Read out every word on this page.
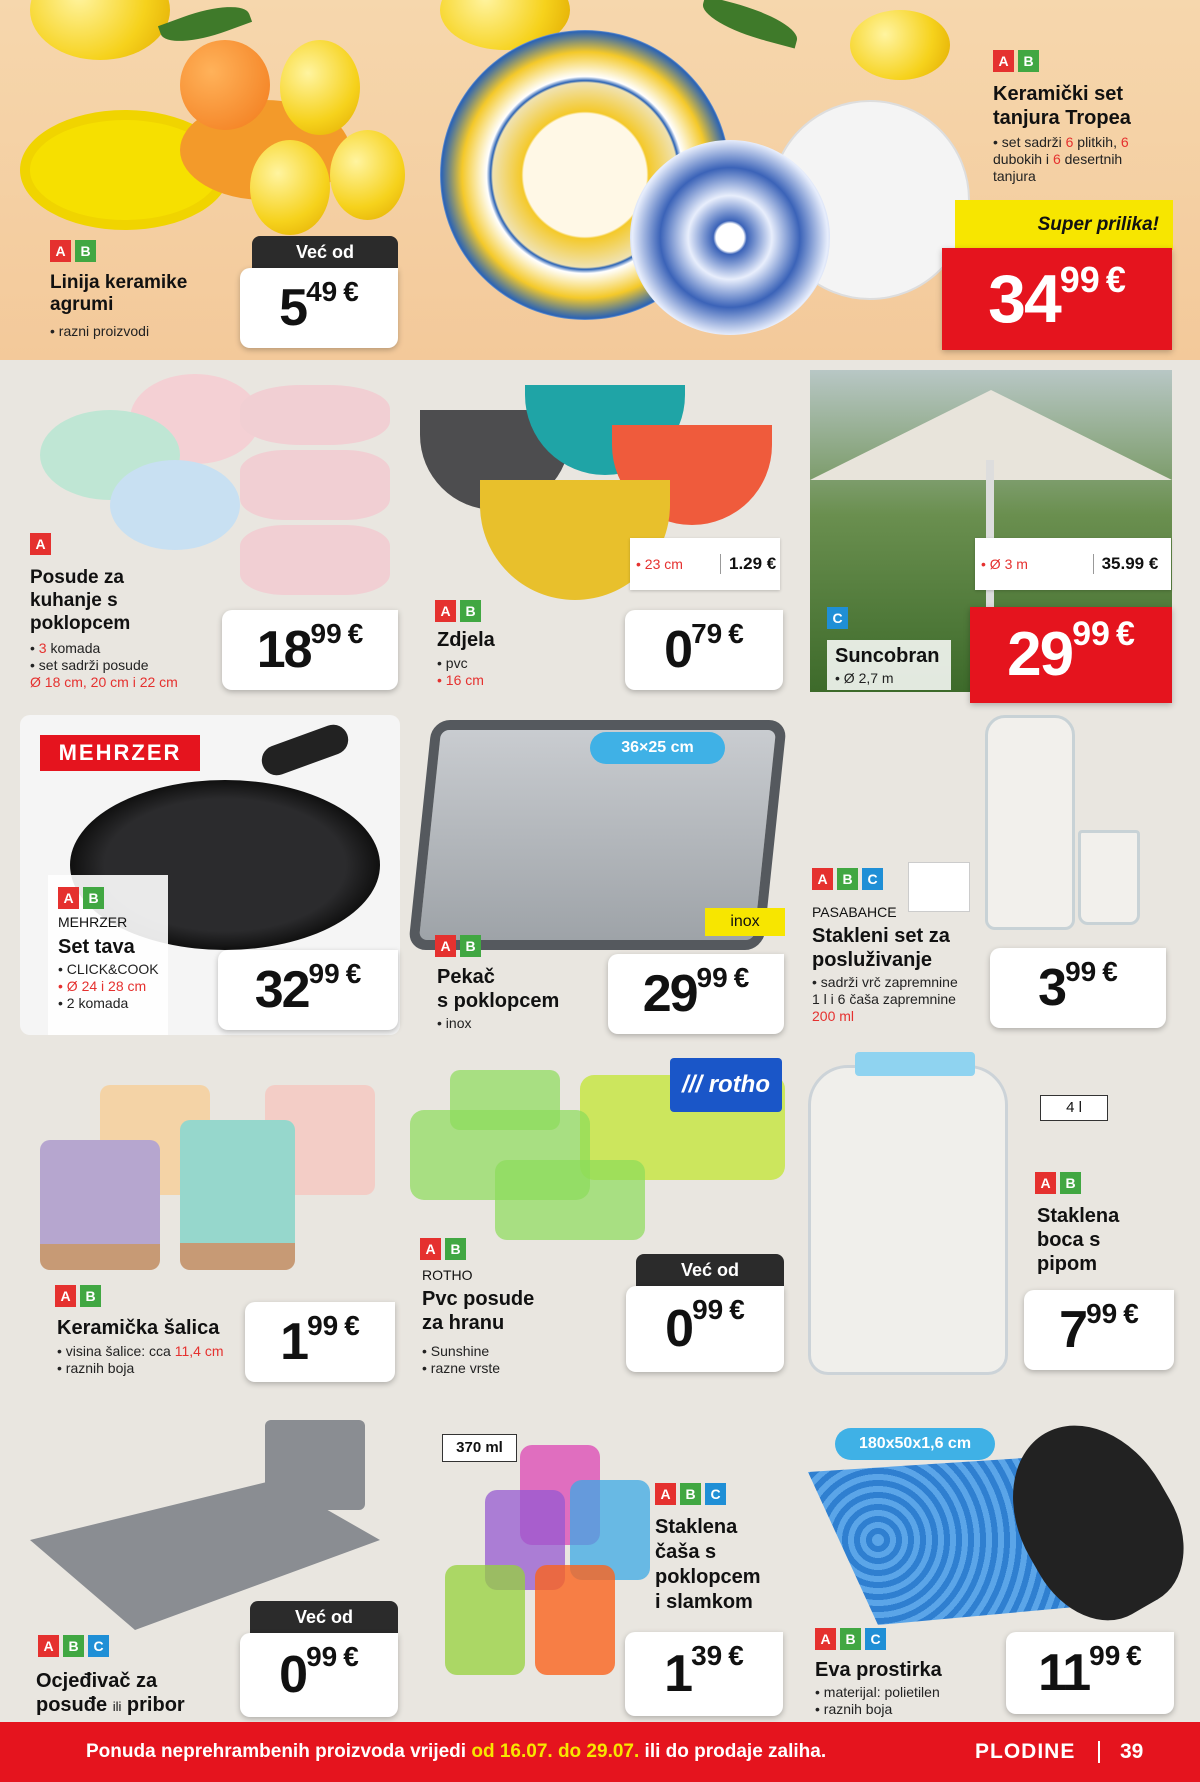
A	B
Linija keramike
agrumi
• razni proizvodi
Već od
5 49 €
A	B
Keramički set
tanjura Tropea
• set sadrži 6 plitkih, 6
dubokih i 6 desertnih
tanjura
Super prilika!
34 99 €
A
Posude za
kuhanje s
poklopcem
• 3 komada
• set sadrži posude
Ø 18 cm, 20 cm i 22 cm
18 99 €
A	B
Zdjela
• pvc
• 16 cm
• 23 cm	1.29 €
0 79 €	C
Suncobran
• Ø 2,7 m
• Ø 3 m	35.99 €
29 99 €
MEHRZER
A	B
MEHRZER
Set tava
• CLICK&COOK
• Ø 24 i 28 cm
• 2 komada	32 99 €
36×25 cm
inox
A	B
Pekač
s poklopcem
• inox	29 99 €
A	B	C
PASABAHCE
Stakleni set za
posluživanje
• sadrži vrč zapremnine
1 l i 6 čaša zapremnine
200 ml	3 99 €
A	B
Keramička šalica
• visina šalice: cca 11,4 cm
• raznih boja	1 99 €
/// rotho
A	B
ROTHO
Pvc posude
za hranu
• Sunshine
• razne vrste
Već od
0 99 €
4 l
A	B
Staklena
boca s
pipom
7 99 €
A	B	C
Ocjeđivač za
posuđe ili pribor
Već od
0 99 €
370 ml
A	B	C
Staklena
čaša s
poklopcem
i slamkom
1 39 €
180x50x1,6 cm
A	B	C
Eva prostirka
• materijal: polietilen
• raznih boja
11 99 €
Ponuda neprehrambenih proizvoda vrijedi od 16.07. do 29.07. ili do prodaje zaliha.	PLODINE 39
